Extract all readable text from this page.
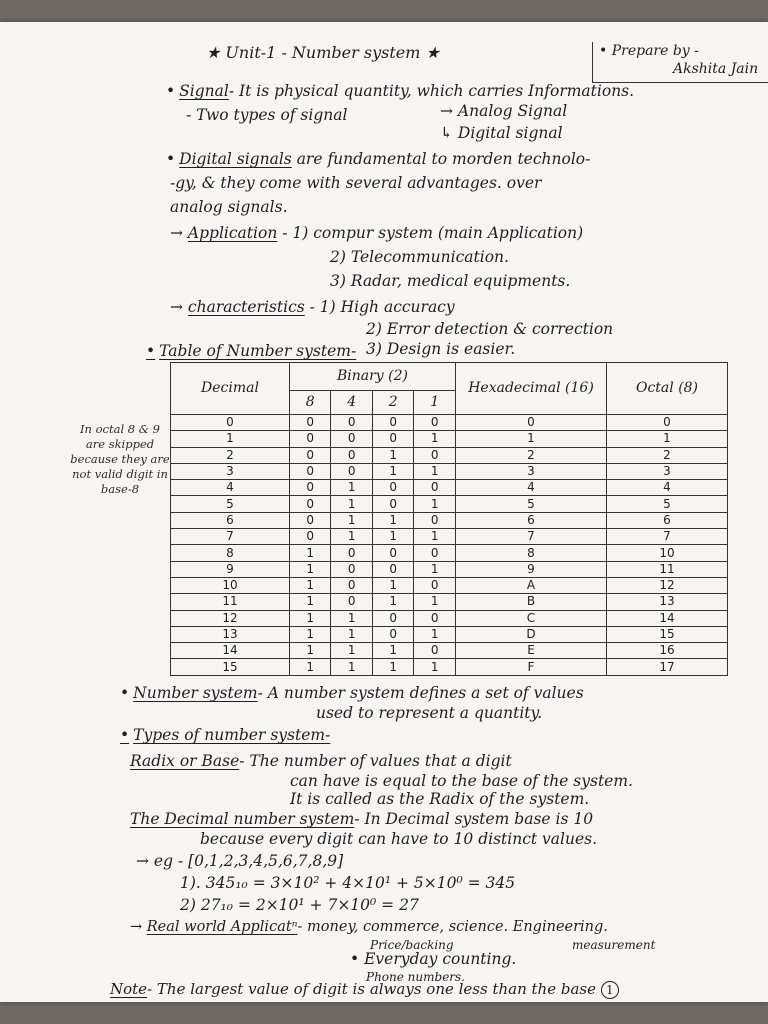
★ Unit-1 - Number system ★	• Prepare by -
Akshita Jain
• Signal- It is physical quantity, which carries Informations.
- Two types of signal	→ Analog Signal
↳ Digital signal
• Digital signals are fundamental to morden technolo-
-gy, & they come with several advantages. over
analog signals.
→ Application - 1) compur system (main Application)
2) Telecommunication.
3) Radar, medical equipments.
→ characteristics - 1) High accuracy
2) Error detection & correction
3) Design is easier.
• Table of Number system-
In octal 8 & 9 are skipped because they are not valid digit in base-8
Decimal	Binary (2)				Hexadecimal (16)	Octal (8)
	8	4	2	1		
0	0	0	0	0	0	0
1	0	0	0	1	1	1
2	0	0	1	0	2	2
3	0	0	1	1	3	3
4	0	1	0	0	4	4
5	0	1	0	1	5	5
6	0	1	1	0	6	6
7	0	1	1	1	7	7
8	1	0	0	0	8	10
9	1	0	0	1	9	11
10	1	0	1	0	A	12
11	1	0	1	1	B	13
12	1	1	0	0	C	14
13	1	1	0	1	D	15
14	1	1	1	0	E	16
15	1	1	1	1	F	17
• Number system- A number system defines a set of values
used to represent a quantity.
• Types of number system-
Radix or Base- The number of values that a digit
can have is equal to the base of the system.
It is called as the Radix of the system.
The Decimal number system- In Decimal system base is 10
because every digit can have to 10 distinct values.
→ eg - [0,1,2,3,4,5,6,7,8,9]
1). 345₁₀ = 3×10² + 4×10¹ + 5×10⁰ = 345
2) 27₁₀ = 2×10¹ + 7×10⁰ = 27
→ Real world Applicatⁿ- money, commerce, science. Engineering.
Price/backing	measurement
• Everyday counting.
Phone numbers.
Note- The largest value of digit is always one less than the base 1
